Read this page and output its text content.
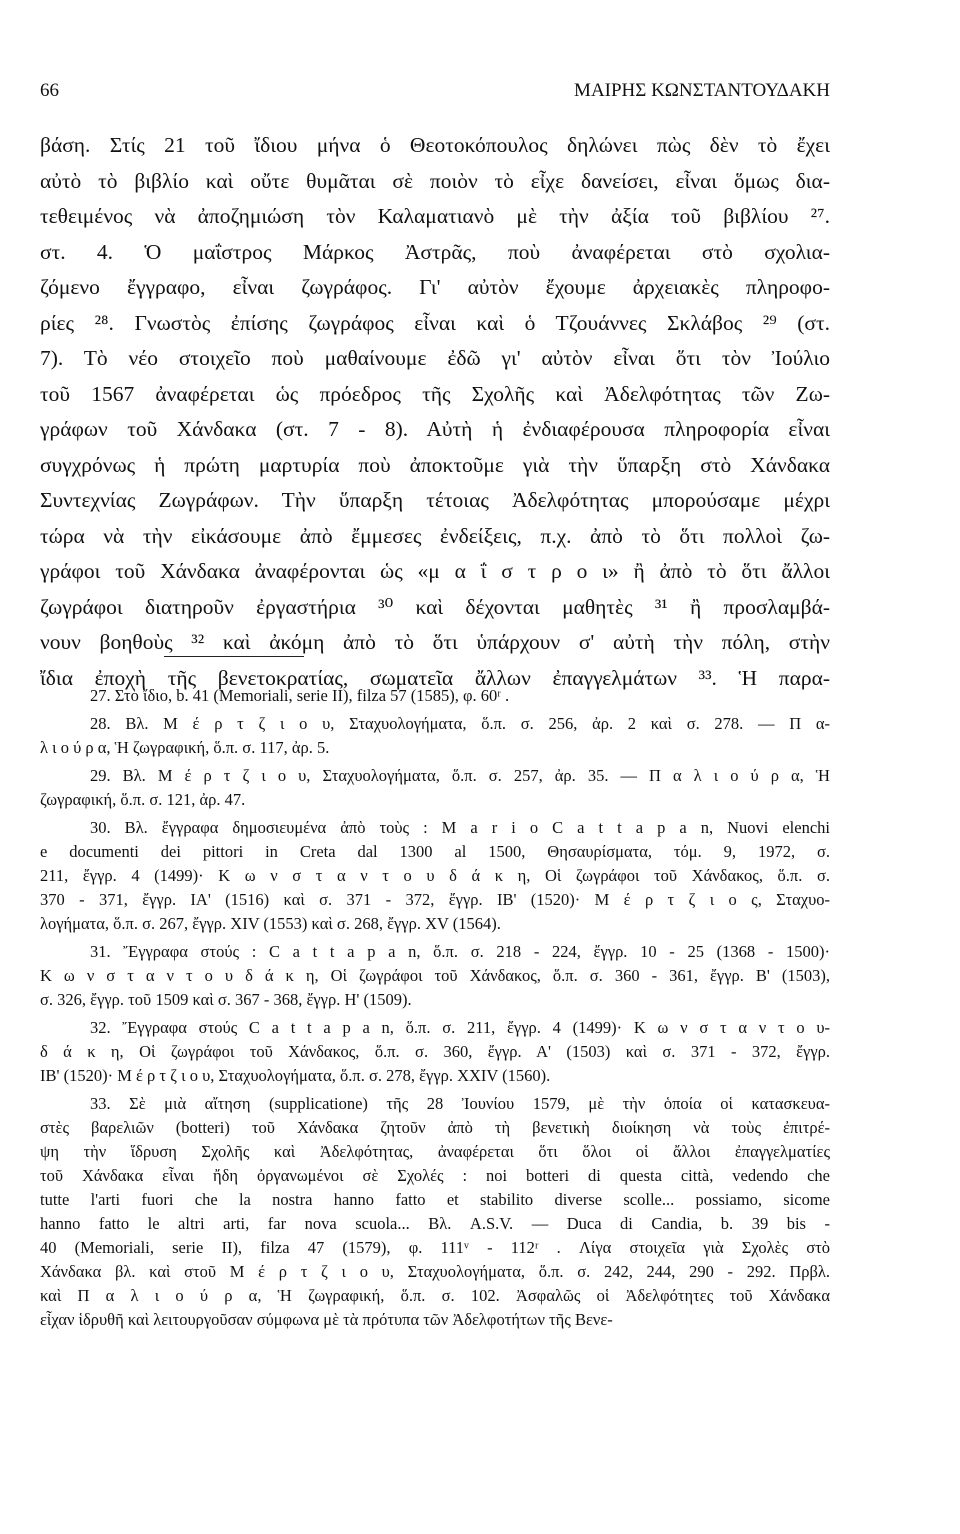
66	ΜΑΙΡΗΣ ΚΩΝΣΤΑΝΤΟΥΔΑΚΗ
βάση. Στίς 21 τοῦ ἴδιου μήνα ὁ Θεοτοκόπουλος δηλώνει πὼς δὲν τὸ ἔχει
αὐτὸ τὸ βιβλίο καὶ οὔτε θυμᾶται σὲ ποιὸν τὸ εἶχε δανείσει, εἶναι ὅμως δια-
τεθειμένος νὰ ἀποζημιώση τὸν Καλαματιανὸ μὲ τὴν ἀξία τοῦ βιβλίου ²⁷.
στ. 4. Ὁ μαΐστρος Μάρκος Ἀστρᾶς, ποὺ ἀναφέρεται στὸ σχολια-
ζόμενο ἔγγραφο, εἶναι ζωγράφος. Γι' αὐτὸν ἔχουμε ἀρχειακὲς πληροφο-
ρίες ²⁸. Γνωστὸς ἐπίσης ζωγράφος εἶναι καὶ ὁ Τζουάννες Σκλάβος ²⁹ (στ.
7). Τὸ νέο στοιχεῖο ποὺ μαθαίνουμε ἐδῶ γι' αὐτὸν εἶναι ὅτι τὸν Ἰούλιο
τοῦ 1567 ἀναφέρεται ὡς πρόεδρος τῆς Σχολῆς καὶ Ἀδελφότητας τῶν Ζω-
γράφων τοῦ Χάνδακα (στ. 7 - 8). Αὐτὴ ἡ ἐνδιαφέρουσα πληροφορία εἶναι
συγχρόνως ἡ πρώτη μαρτυρία ποὺ ἀποκτοῦμε γιὰ τὴν ὕπαρξη στὸ Χάνδακα
Συντεχνίας Ζωγράφων. Τὴν ὕπαρξη τέτοιας Ἀδελφότητας μπορούσαμε μέχρι
τώρα νὰ τὴν εἰκάσουμε ἀπὸ ἔμμεσες ἐνδείξεις, π.χ. ἀπὸ τὸ ὅτι πολλοὶ ζω-
γράφοι τοῦ Χάνδακα ἀναφέρονται ὡς «μ α ΐ σ τ ρ ο ι» ἢ ἀπὸ τὸ ὅτι ἄλλοι
ζωγράφοι διατηροῦν ἐργαστήρια ³⁰ καὶ δέχονται μαθητὲς ³¹ ἢ προσλαμβά-
νουν βοηθοὺς ³² καὶ ἀκόμη ἀπὸ τὸ ὅτι ὑπάρχουν σ' αὐτὴ τὴν πόλη, στὴν
ἴδια ἐποχὴ τῆς βενετοκρατίας, σωματεῖα ἄλλων ἐπαγγελμάτων ³³. Ἡ παρα-
27. Στὸ ἴδιο, b. 41 (Memoriali, serie II), filza 57 (1585), φ. 60ʳ .
28. Βλ. Μ έ ρ τ ζ ι ο υ, Σταχυολογήματα, ὅ.π. σ. 256, ἀρ. 2 καὶ σ. 278. — Π α-
λ ι ο ύ ρ α, Ἡ ζωγραφική, ὅ.π. σ. 117, ἀρ. 5.
29. Βλ. Μ έ ρ τ ζ ι ο υ, Σταχυολογήματα, ὅ.π. σ. 257, ἀρ. 35. — Π α λ ι ο ύ ρ α, Ἡ
ζωγραφική, ὅ.π. σ. 121, ἀρ. 47.
30. Βλ. ἔγγραφα δημοσιευμένα ἀπὸ τοὺς : M a r i o C a t t a p a n, Nuovi elenchi
e documenti dei pittori in Creta dal 1300 al 1500, Θησαυρίσματα, τόμ. 9, 1972, σ.
211, ἔγγρ. 4 (1499)· Κ ω ν σ τ α ν τ ο υ δ ά κ η, Οἱ ζωγράφοι τοῦ Χάνδακος, ὅ.π. σ.
370 - 371, ἔγγρ. ΙΑ' (1516) καὶ σ. 371 - 372, ἔγγρ. ΙΒ' (1520)· Μ έ ρ τ ζ ι ο ς, Σταχυο-
λογήματα, ὅ.π. σ. 267, ἔγγρ. XIV (1553) καὶ σ. 268, ἔγγρ. XV (1564).
31. Ἔγγραφα στούς : C a t t a p a n, ὅ.π. σ. 218 - 224, ἔγγρ. 10 - 25 (1368 - 1500)·
Κ ω ν σ τ α ν τ ο υ δ ά κ η, Οἱ ζωγράφοι τοῦ Χάνδακος, ὅ.π. σ. 360 - 361, ἔγγρ. Β' (1503),
σ. 326, ἔγγρ. τοῦ 1509 καὶ σ. 367 - 368, ἔγγρ. Η' (1509).
32. Ἔγγραφα στούς C a t t a p a n, ὅ.π. σ. 211, ἔγγρ. 4 (1499)· Κ ω ν σ τ α ν τ ο υ-
δ ά κ η, Οἱ ζωγράφοι τοῦ Χάνδακος, ὅ.π. σ. 360, ἔγγρ. Α' (1503) καὶ σ. 371 - 372, ἔγγρ.
ΙΒ' (1520)· Μ έ ρ τ ζ ι ο υ, Σταχυολογήματα, ὅ.π. σ. 278, ἔγγρ. XXIV (1560).
33. Σὲ μιὰ αἴτηση (supplicatione) τῆς 28 Ἰουνίου 1579, μὲ τὴν ὁποία οἱ κατασκευα-
στὲς βαρελιῶν (botteri) τοῦ Χάνδακα ζητοῦν ἀπὸ τὴ βενετικὴ διοίκηση νὰ τοὺς ἐπιτρέ-
ψη τὴν ἵδρυση Σχολῆς καὶ Ἀδελφότητας, ἀναφέρεται ὅτι ὅλοι οἱ ἄλλοι ἐπαγγελματίες
τοῦ Χάνδακα εἶναι ἤδη ὀργανωμένοι σὲ Σχολές : noi botteri di questa città, vedendo che
tutte l'arti fuori che la nostra hanno fatto et stabilito diverse scolle... possiamo, sicome
hanno fatto le altri arti, far nova scuola... Βλ. A.S.V. — Duca di Candia, b. 39 bis -
40 (Memoriali, serie II), filza 47 (1579), φ. 111ᵛ - 112ʳ . Λίγα στοιχεῖα γιὰ Σχολὲς στὸ
Χάνδακα βλ. καὶ στοῦ Μ έ ρ τ ζ ι ο υ, Σταχυολογήματα, ὅ.π. σ. 242, 244, 290 - 292. Πρβλ.
καὶ Π α λ ι ο ύ ρ α, Ἡ ζωγραφική, ὅ.π. σ. 102. Ἀσφαλῶς οἱ Ἀδελφότητες τοῦ Χάνδακα
εἶχαν ἱδρυθῆ καὶ λειτουργοῦσαν σύμφωνα μὲ τὰ πρότυπα τῶν Ἀδελφοτήτων τῆς Βενε-
